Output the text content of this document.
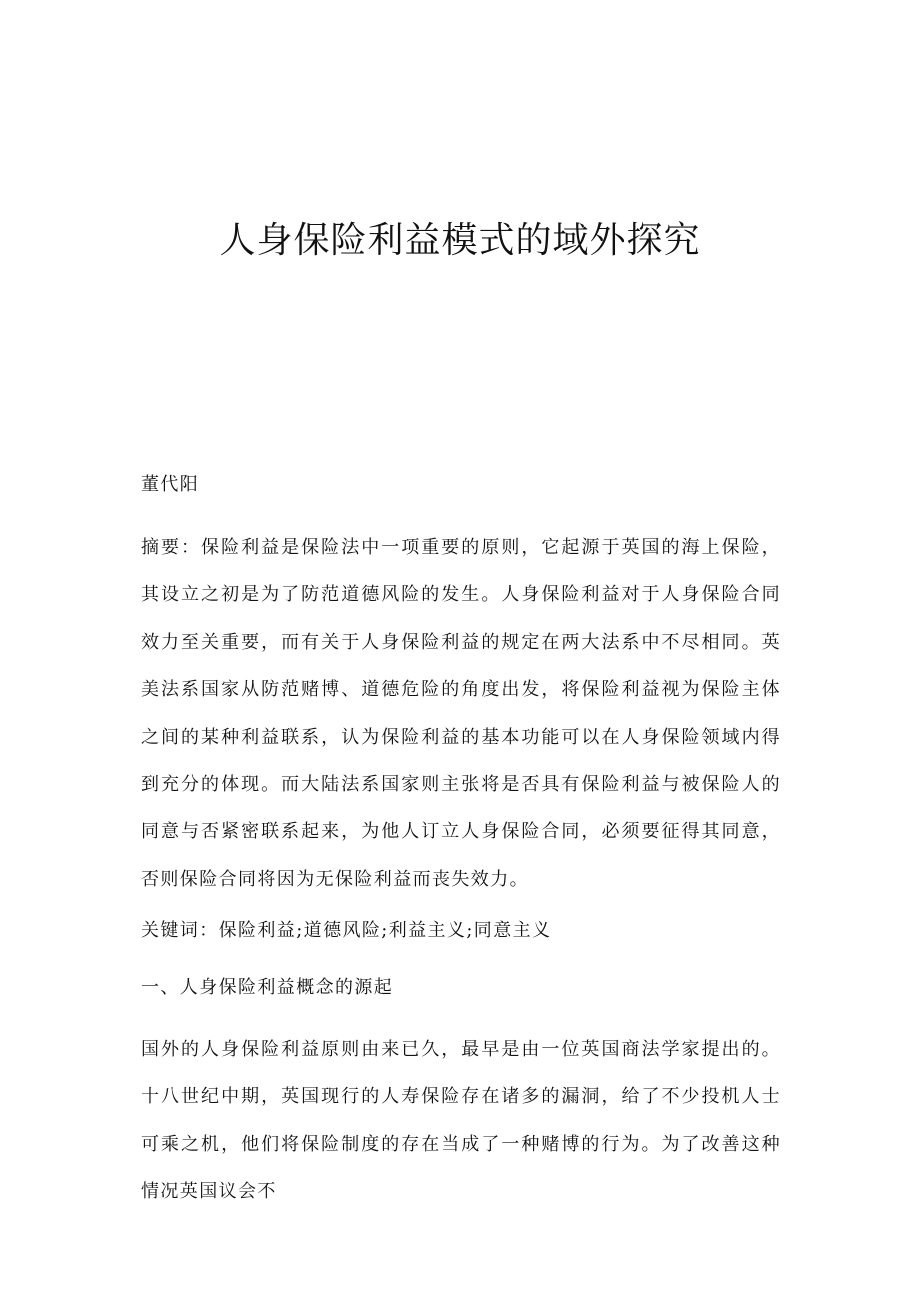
人身保险利益模式的域外探究

董代阳

摘要：保险利益是保险法中一项重要的原则，它起源于英国的海上保险，其设立之初是为了防范道德风险的发生。人身保险利益对于人身保险合同效力至关重要，而有关于人身保险利益的规定在两大法系中不尽相同。英美法系国家从防范赌博、道德危险的角度出发，将保险利益视为保险主体之间的某种利益联系，认为保险利益的基本功能可以在人身保险领域内得到充分的体现。而大陆法系国家则主张将是否具有保险利益与被保险人的同意与否紧密联系起来，为他人订立人身保险合同，必须要征得其同意，否则保险合同将因为无保险利益而丧失效力。

关键词：保险利益;道德风险;利益主义;同意主义

一、人身保险利益概念的源起

国外的人身保险利益原则由来已久，最早是由一位英国商法学家提出的。十八世纪中期，英国现行的人寿保险存在诸多的漏洞，给了不少投机人士可乘之机，他们将保险制度的存在当成了一种赌博的行为。为了改善这种情况英国议会不
